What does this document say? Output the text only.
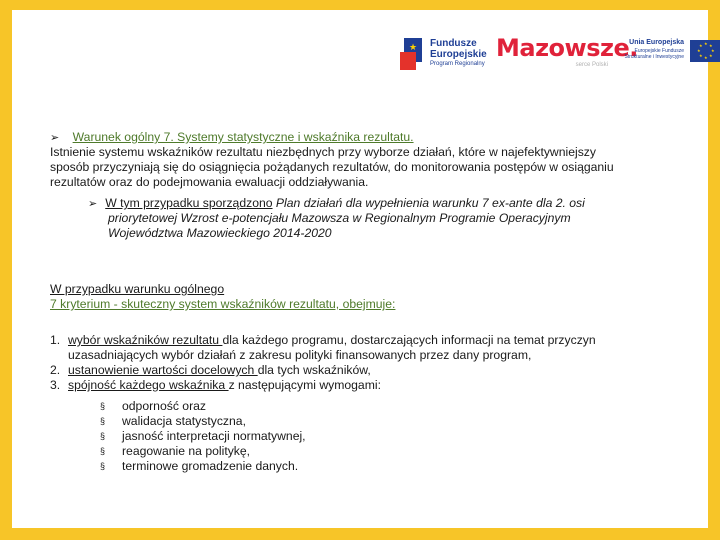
★ Fundusze
Europejskie
Program Regionalny
Mazowsze.
serce Polski
Unia Europejska
Europejskie Fundusze
Strukturalne i Inwestycyjne
★ ★
★
★
★
★
★
★
➢ Warunek ogólny 7. Systemy statystyczne i wskaźnika rezultatu.

Istnienie systemu wskaźników rezultatu niezbędnych przy wyborze działań, które w najefektywniejszy

sposób przyczyniają się do osiągnięcia pożądanych rezultatów, do monitorowania postępów w osiąganiu

rezultatów oraz do podejmowania ewaluacji oddziaływania.

➢ W tym przypadku sporządzono Plan działań dla wypełnienia warunku 7 ex-ante dla 2. osi
priorytetowej Wzrost e-potencjału Mazowsza w Regionalnym Programie Operacyjnym
Województwa Mazowieckiego 2014-2020

W przypadku warunku ogólnego

7 kryterium - skuteczny system wskaźników rezultatu, obejmuje:

1. wybór wskaźników rezultatu dla każdego programu, dostarczających informacji na temat przyczyn
uzasadniających wybór działań z zakresu polityki finansowanych przez dany program,
2. ustanowienie wartości docelowych dla tych wskaźników,
3. spójność każdego wskaźnika z następującymi wymogami:
§	odporność oraz
§	walidacja statystyczna,
§	jasność interpretacji normatywnej,
§	reagowanie na politykę,
§	terminowe gromadzenie danych.
